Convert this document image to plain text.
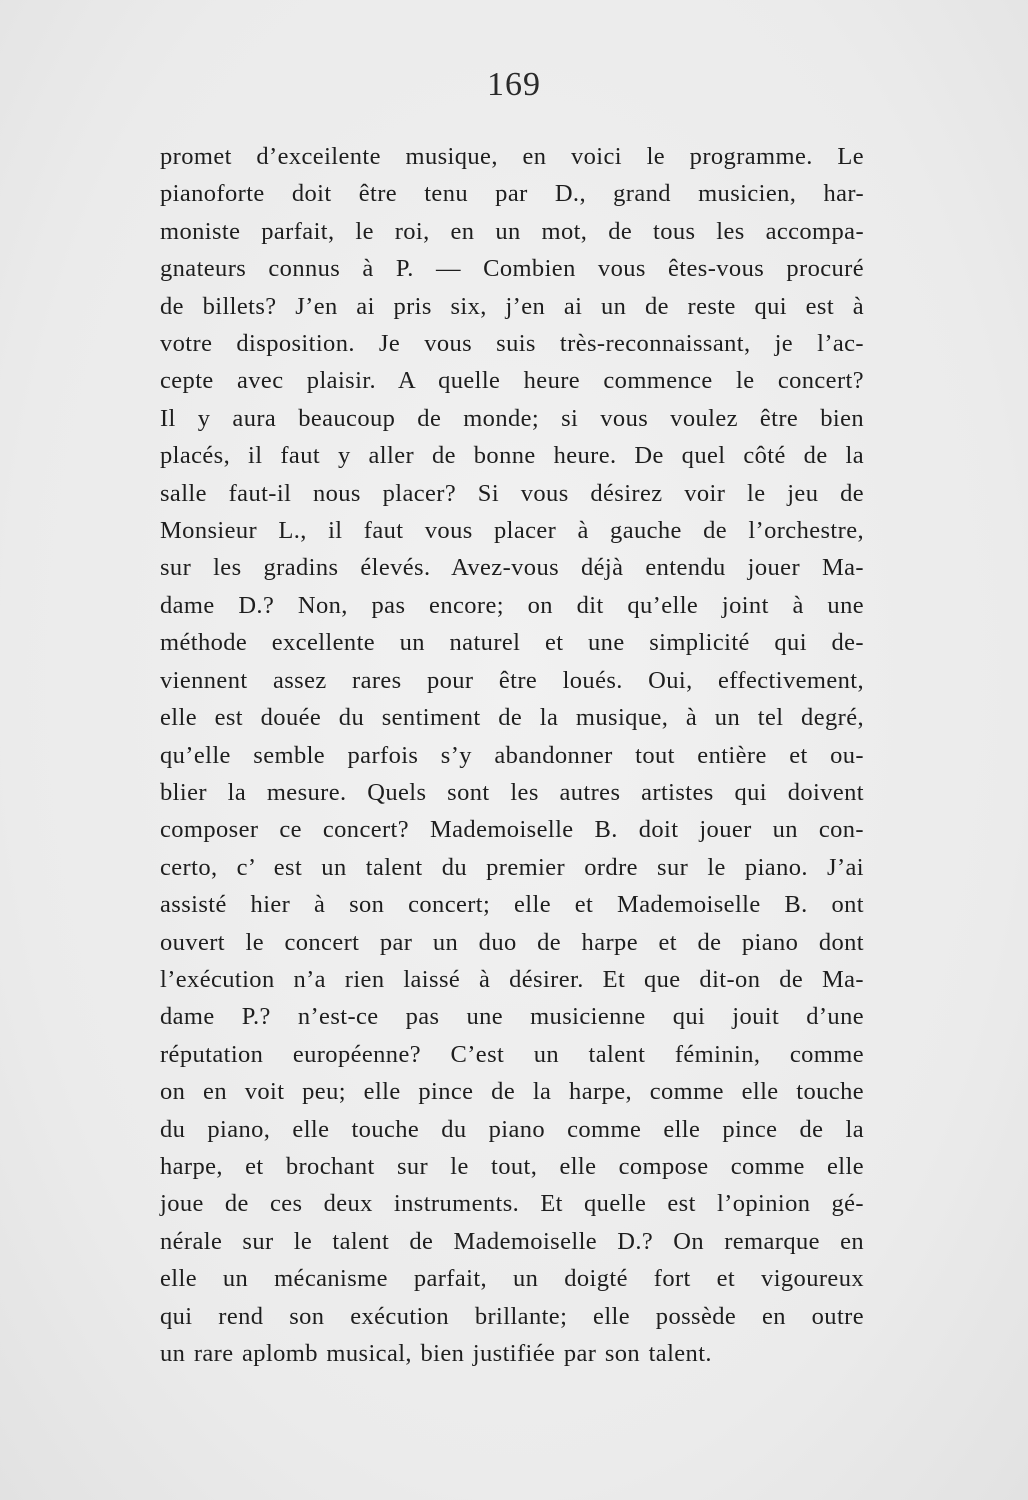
169
promet d’exceilente musique, en voici le programme. Le
pianoforte doit être tenu par D., grand musicien, har-
moniste parfait, le roi, en un mot, de tous les accompa-
gnateurs connus à P. — Combien vous êtes-vous procuré
de billets? J’en ai pris six, j’en ai un de reste qui est à
votre disposition. Je vous suis très-reconnaissant, je l’ac-
cepte avec plaisir. A quelle heure commence le concert?
Il y aura beaucoup de monde; si vous voulez être bien
placés, il faut y aller de bonne heure. De quel côté de la
salle faut-il nous placer? Si vous désirez voir le jeu de
Monsieur L., il faut vous placer à gauche de l’orchestre,
sur les gradins élevés. Avez-vous déjà entendu jouer Ma-
dame D.? Non, pas encore; on dit qu’elle joint à une
méthode excellente un naturel et une simplicité qui de-
viennent assez rares pour être loués. Oui, effectivement,
elle est douée du sentiment de la musique, à un tel degré,
qu’elle semble parfois s’y abandonner tout entière et ou-
blier la mesure. Quels sont les autres artistes qui doivent
composer ce concert? Mademoiselle B. doit jouer un con-
certo, c’ est un talent du premier ordre sur le piano. J’ai
assisté hier à son concert; elle et Mademoiselle B. ont
ouvert le concert par un duo de harpe et de piano dont
l’exécution n’a rien laissé à désirer. Et que dit-on de Ma-
dame P.? n’est-ce pas une musicienne qui jouit d’une
réputation européenne? C’est un talent féminin, comme
on en voit peu; elle pince de la harpe, comme elle touche
du piano, elle touche du piano comme elle pince de la
harpe, et brochant sur le tout, elle compose comme elle
joue de ces deux instruments. Et quelle est l’opinion gé-
nérale sur le talent de Mademoiselle D.? On remarque en
elle un mécanisme parfait, un doigté fort et vigoureux
qui rend son exécution brillante; elle possède en outre
un rare aplomb musical, bien justifiée par son talent.
